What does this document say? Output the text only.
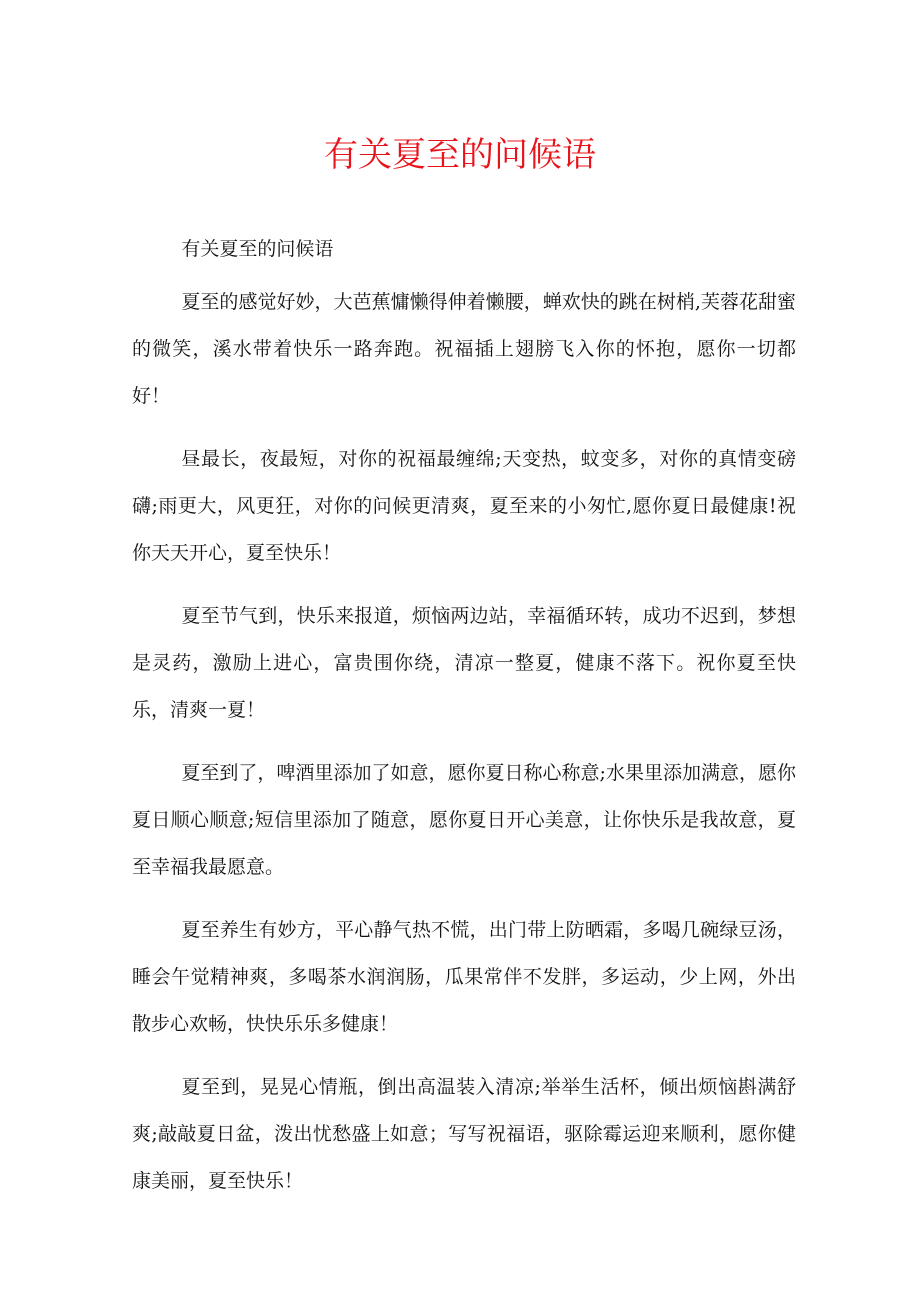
有关夏至的问候语

有关夏至的问候语

夏至的感觉好妙，大芭蕉慵懒得伸着懒腰，蝉欢快的跳在树梢,芙蓉花甜蜜的微笑，溪水带着快乐一路奔跑。祝福插上翅膀飞入你的怀抱，愿你一切都好！

昼最长，夜最短，对你的祝福最缠绵;天变热，蚊变多，对你的真情变磅礴;雨更大，风更狂，对你的问候更清爽，夏至来的小匆忙,愿你夏日最健康!祝你天天开心，夏至快乐！

夏至节气到，快乐来报道，烦恼两边站，幸福循环转，成功不迟到，梦想是灵药，激励上进心，富贵围你绕，清凉一整夏，健康不落下。祝你夏至快乐，清爽一夏！

夏至到了，啤酒里添加了如意，愿你夏日称心称意;水果里添加满意，愿你夏日顺心顺意;短信里添加了随意，愿你夏日开心美意，让你快乐是我故意，夏至幸福我最愿意。

夏至养生有妙方，平心静气热不慌，出门带上防晒霜，多喝几碗绿豆汤，睡会午觉精神爽，多喝茶水润润肠，瓜果常伴不发胖，多运动，少上网，外出散步心欢畅，快快乐乐多健康！

夏至到，晃晃心情瓶，倒出高温装入清凉;举举生活杯，倾出烦恼斟满舒爽;敲敲夏日盆，泼出忧愁盛上如意；写写祝福语，驱除霉运迎来顺利，愿你健康美丽，夏至快乐！
